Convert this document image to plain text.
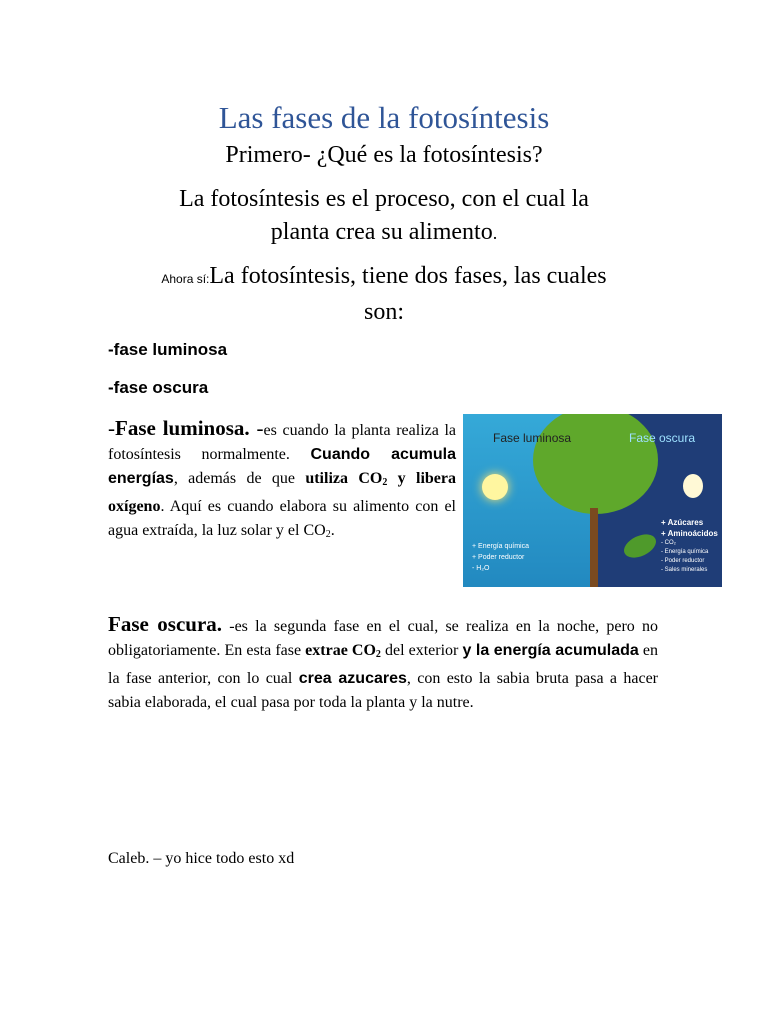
Las fases de la fotosíntesis
Primero- ¿Qué es la fotosíntesis?
La fotosíntesis es el proceso, con el cual la
planta crea su alimento.
Ahora sí:La fotosíntesis, tiene dos fases, las cuales
son:
-fase luminosa
-fase oscura
-Fase luminosa. -es cuando la planta realiza la fotosíntesis normalmente. Cuando acumula energías, además de que utiliza $CO_2$ y libera oxígeno. Aquí es cuando elabora su alimento con el agua extraída, la luz solar y el $CO_2$.
Fase luminosa	Fase oscura
+ Energía química
+ Poder reductor
- H₂O
+ Azúcares
+ Aminoácidos
- CO₂
- Energía química
- Poder reductor
- Sales minerales
Fase oscura. -es la segunda fase en el cual, se realiza en la noche, pero no obligatoriamente. En esta fase extrae $CO_2$ del exterior y la energía acumulada en la fase anterior, con lo cual crea azucares, con esto la sabia bruta pasa a hacer sabia elaborada, el cual pasa por toda la planta y la nutre.
Caleb. – yo hice todo esto xd
